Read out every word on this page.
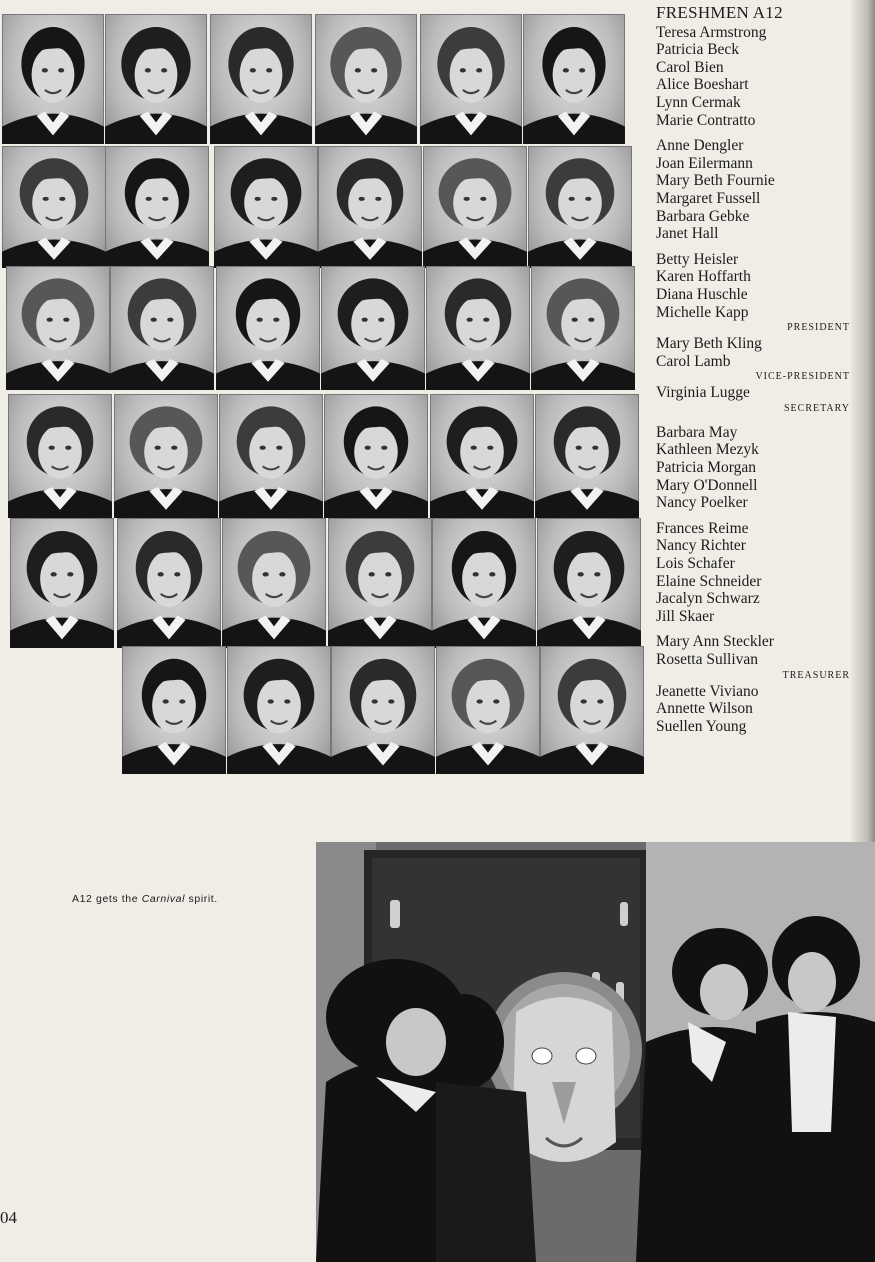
FRESHMEN A12
Teresa Armstrong
Patricia Beck
Carol Bien
Alice Boeshart
Lynn Cermak
Marie Contratto
Anne Dengler
Joan Eilermann
Mary Beth Fournie
Margaret Fussell
Barbara Gebke
Janet Hall
Betty Heisler
Karen Hoffarth
Diana Huschle
Michelle Kapp
PRESIDENT
Mary Beth Kling
Carol Lamb
VICE-PRESIDENT
Virginia Lugge
SECRETARY
Barbara May
Kathleen Mezyk
Patricia Morgan
Mary O'Donnell
Nancy Poelker
Frances Reime
Nancy Richter
Lois Schafer
Elaine Schneider
Jacalyn Schwarz
Jill Skaer
Mary Ann Steckler
Rosetta Sullivan
TREASURER
Jeanette Viviano
Annette Wilson
Suellen Young
A12 gets the Carnival spirit.
04
